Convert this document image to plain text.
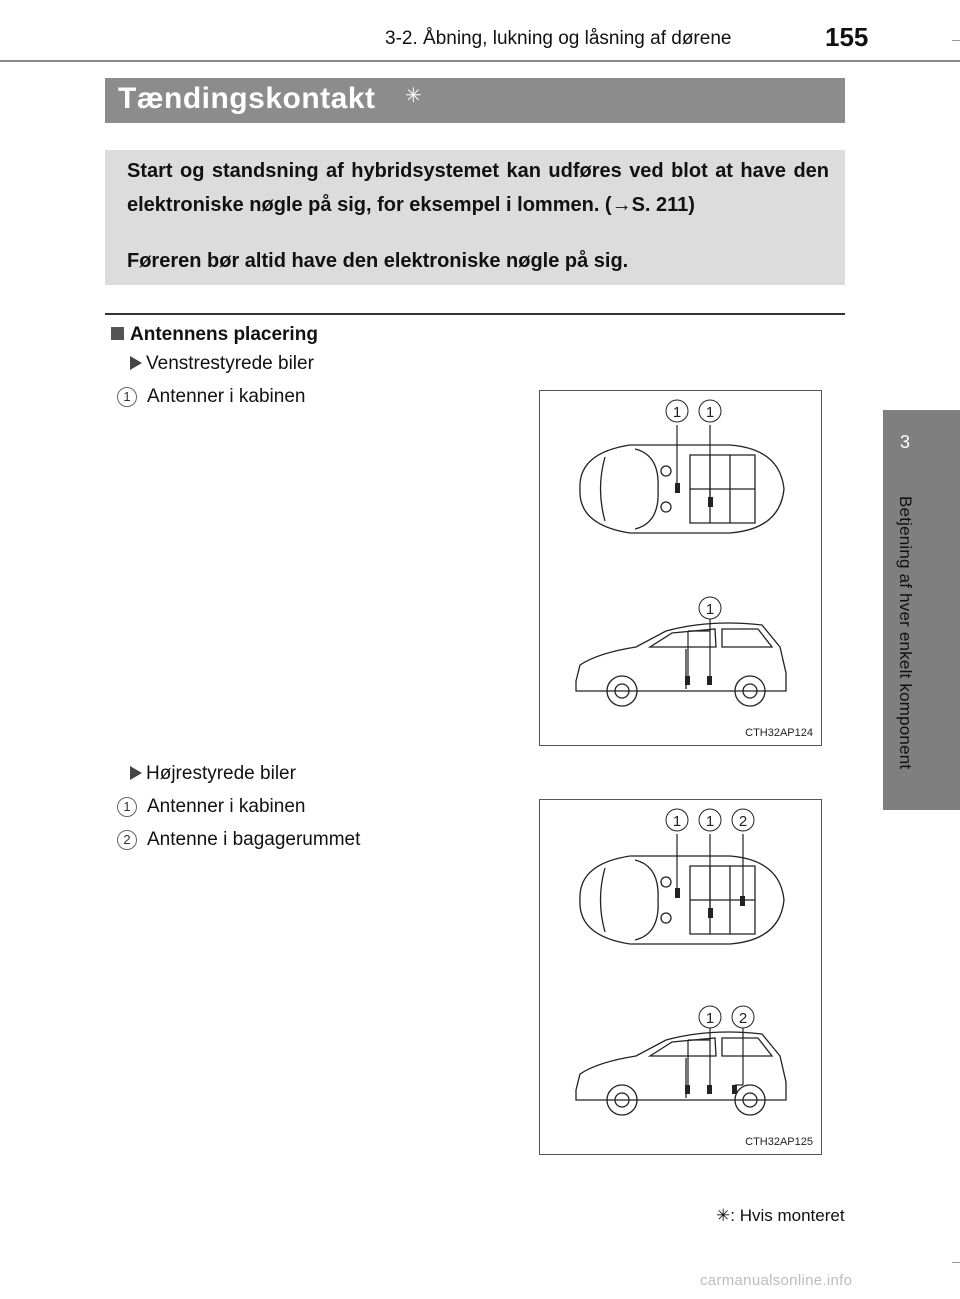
3-2. Åbning, lukning og låsning af dørene	155
3
Betjening af hver enkelt komponent
Tændingskontakt ✳

Start og standsning af hybridsystemet kan udføres ved blot at have den elektroniske nøgle på sig, for eksempel i lommen. (→S. 211)

Føreren bør altid have den elektroniske nøgle på sig.

Antennens placering
Venstrestyrede biler
1 Antenner i kabinen
1 1
1
CTH32AP124
Højrestyrede biler
1 Antenner i kabinen
2 Antenne i bagagerummet
1 1 2
1 2
CTH32AP125
✳: Hvis monteret
carmanualsonline.info
